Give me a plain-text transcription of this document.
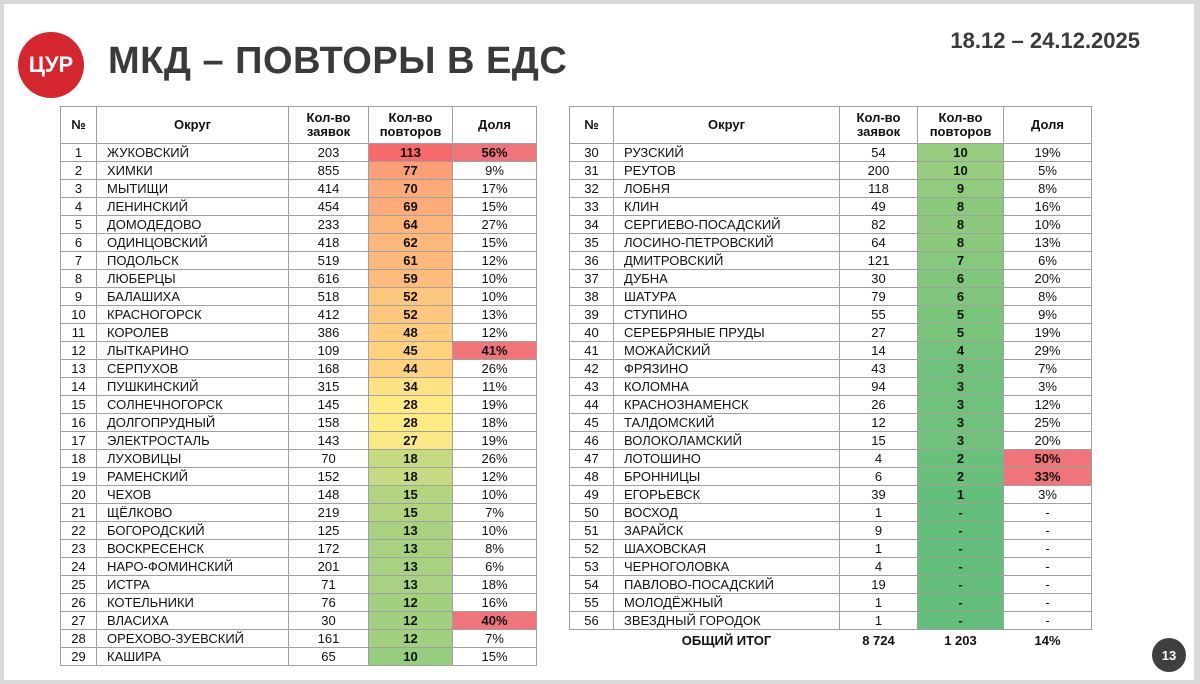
ЦУР МКД – ПОВТОРЫ В ЕДС	18.12 – 24.12.2025
13
№	Округ	Кол-во заявок	Кол-во повторов	Доля
1	ЖУКОВСКИЙ	203	113	56%
2	ХИМКИ	855	77	9%
3	МЫТИЩИ	414	70	17%
4	ЛЕНИНСКИЙ	454	69	15%
5	ДОМОДЕДОВО	233	64	27%
6	ОДИНЦОВСКИЙ	418	62	15%
7	ПОДОЛЬСК	519	61	12%
8	ЛЮБЕРЦЫ	616	59	10%
9	БАЛАШИХА	518	52	10%
10	КРАСНОГОРСК	412	52	13%
11	КОРОЛЕВ	386	48	12%
12	ЛЫТКАРИНО	109	45	41%
13	СЕРПУХОВ	168	44	26%
14	ПУШКИНСКИЙ	315	34	11%
15	СОЛНЕЧНОГОРСК	145	28	19%
16	ДОЛГОПРУДНЫЙ	158	28	18%
17	ЭЛЕКТРОСТАЛЬ	143	27	19%
18	ЛУХОВИЦЫ	70	18	26%
19	РАМЕНСКИЙ	152	18	12%
20	ЧЕХОВ	148	15	10%
21	ЩЁЛКОВО	219	15	7%
22	БОГОРОДСКИЙ	125	13	10%
23	ВОСКРЕСЕНСК	172	13	8%
24	НАРО-ФОМИНСКИЙ	201	13	6%
25	ИСТРА	71	13	18%
26	КОТЕЛЬНИКИ	76	12	16%
27	ВЛАСИХА	30	12	40%
28	ОРЕХОВО-ЗУЕВСКИЙ	161	12	7%
29	КАШИРА	65	10	15%
№	Округ	Кол-во заявок	Кол-во повторов	Доля
30	РУЗСКИЙ	54	10	19%
31	РЕУТОВ	200	10	5%
32	ЛОБНЯ	118	9	8%
33	КЛИН	49	8	16%
34	СЕРГИЕВО-ПОСАДСКИЙ	82	8	10%
35	ЛОСИНО-ПЕТРОВСКИЙ	64	8	13%
36	ДМИТРОВСКИЙ	121	7	6%
37	ДУБНА	30	6	20%
38	ШАТУРА	79	6	8%
39	СТУПИНО	55	5	9%
40	СЕРЕБРЯНЫЕ ПРУДЫ	27	5	19%
41	МОЖАЙСКИЙ	14	4	29%
42	ФРЯЗИНО	43	3	7%
43	КОЛОМНА	94	3	3%
44	КРАСНОЗНАМЕНСК	26	3	12%
45	ТАЛДОМСКИЙ	12	3	25%
46	ВОЛОКОЛАМСКИЙ	15	3	20%
47	ЛОТОШИНО	4	2	50%
48	БРОННИЦЫ	6	2	33%
49	ЕГОРЬЕВСК	39	1	3%
50	ВОСХОД	1	-	-
51	ЗАРАЙСК	9	-	-
52	ШАХОВСКАЯ	1	-	-
53	ЧЕРНОГОЛОВКА	4	-	-
54	ПАВЛОВО-ПОСАДСКИЙ	19	-	-
55	МОЛОДЁЖНЫЙ	1	-	-
56	ЗВЕЗДНЫЙ ГОРОДОК	1	-	-
	ОБЩИЙ ИТОГ	8 724	1 203	14%
